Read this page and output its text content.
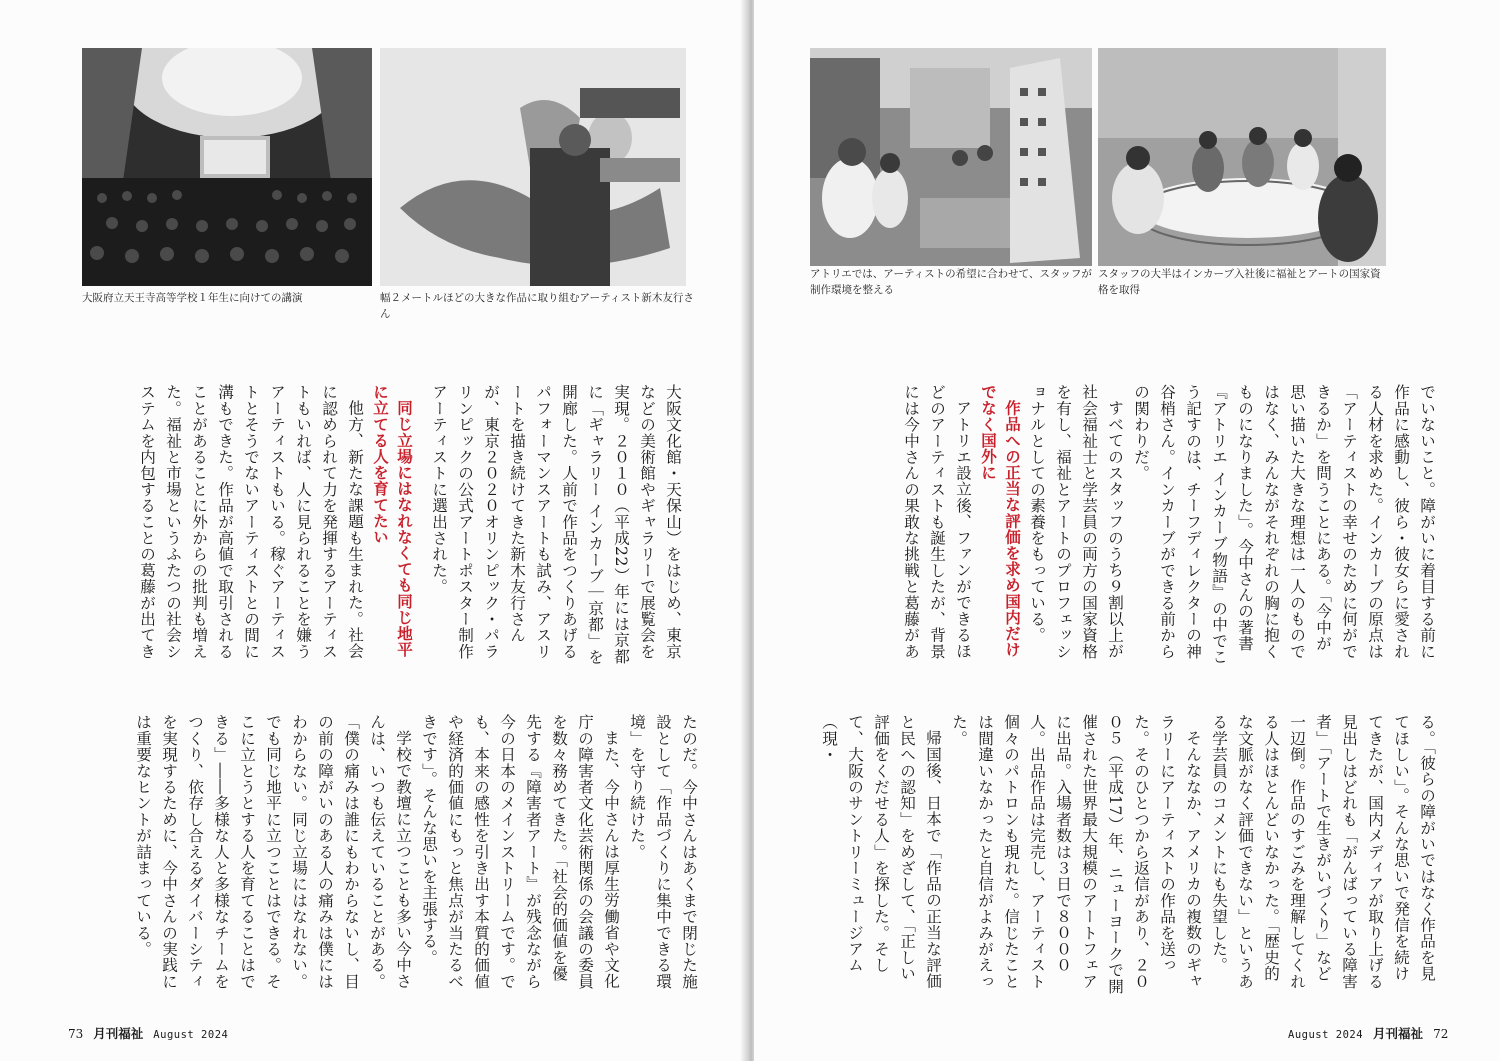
大阪府立天王寺高等学校１年生に向けての講演	幅２メートルほどの大きな作品に取り組むアーティスト新木友行さん

大阪文化館・天保山）をはじめ、東京などの美術館やギャラリーで展覧会を実現。２０１０（平成22）年には京都に「ギャラリー インカーブ｜京都」を開廊した。人前で作品をつくりあげるパフォーマンスアートも試み、アスリートを描き続けてきた新木友行さんが、東京２０２０オリンピック・パラリンピックの公式アートポスター制作アーティストに選出された。

同じ立場にはなれなくても同じ地平に立てる人を育てたい

他方、新たな課題も生まれた。社会に認められて力を発揮するアーティストもいれば、人に見られることを嫌うアーティストもいる。稼ぐアーティストとそうでないアーティストとの間に溝もできた。作品が高値で取引されることがあることに外からの批判も増えた。福祉と市場というふたつの社会システムを内包することの葛藤が出てき

たのだ。今中さんはあくまで閉じた施設として「作品づくりに集中できる環境」を守り続けた。

また、今中さんは厚生労働省や文化庁の障害者文化芸術関係の会議の委員を数々務めてきた。「社会的価値を優先する『障害者アート』が残念ながら今の日本のメインストリームです。でも、本来の感性を引き出す本質的価値や経済的価値にもっと焦点が当たるべきです」。そんな思いを主張する。

学校で教壇に立つことも多い今中さんは、いつも伝えていることがある。「僕の痛みは誰にもわからないし、目の前の障がいのある人の痛みは僕にはわからない。同じ立場にはなれない。でも同じ地平に立つことはできる。そこに立とうとする人を育てることはできる」――多様な人と多様なチームをつくり、依存し合えるダイバーシティを実現するために、今中さんの実践には重要なヒントが詰まっている。

73 月刊福祉 August 2024
アトリエでは、アーティストの希望に合わせて、スタッフが制作環境を整える
スタッフの大半はインカーブ入社後に福祉とアートの国家資格を取得

でいないこと。障がいに着目する前に作品に感動し、彼ら・彼女らに愛される人材を求めた。インカーブの原点は「アーティストの幸せのために何ができるか」を問うことにある。「今中が思い描いた大きな理想は一人のものではなく、みんながそれぞれの胸に抱くものになりました」。今中さんの著書『アトリエ インカーブ物語』の中でこう記すのは、チーフディレクターの神谷梢さん。インカーブができる前からの関わりだ。

すべてのスタッフのうち９割以上が社会福祉士と学芸員の両方の国家資格を有し、福祉とアートのプロフェッショナルとしての素養をもっている。

作品への正当な評価を求め国内だけでなく国外に

アトリエ設立後、ファンができるほどのアーティストも誕生したが、背景には今中さんの果敢な挑戦と葛藤があ

る。「彼らの障がいではなく作品を見てほしい」。そんな思いで発信を続けてきたが、国内メディアが取り上げる見出しはどれも「がんばっている障害者」「アートで生きがいづくり」など一辺倒。作品のすごみを理解してくれる人はほとんどいなかった。「歴史的な文脈がなく評価できない」というある学芸員のコメントにも失望した。

そんななか、アメリカの複数のギャラリーにアーティストの作品を送った。そのひとつから返信があり、２００５（平成17）年、ニューヨークで開催された世界最大規模のアートフェアに出品。入場者数は３日で８０００人。出品作品は完売し、アーティスト個々のパトロンも現れた。信じたことは間違いなかったと自信がよみがえった。

帰国後、日本で「作品の正当な評価と民への認知」をめざして、「正しい評価をくだせる人」を探した。そして、大阪のサントリーミュージアム（現・

August 2024 月刊福祉 72
